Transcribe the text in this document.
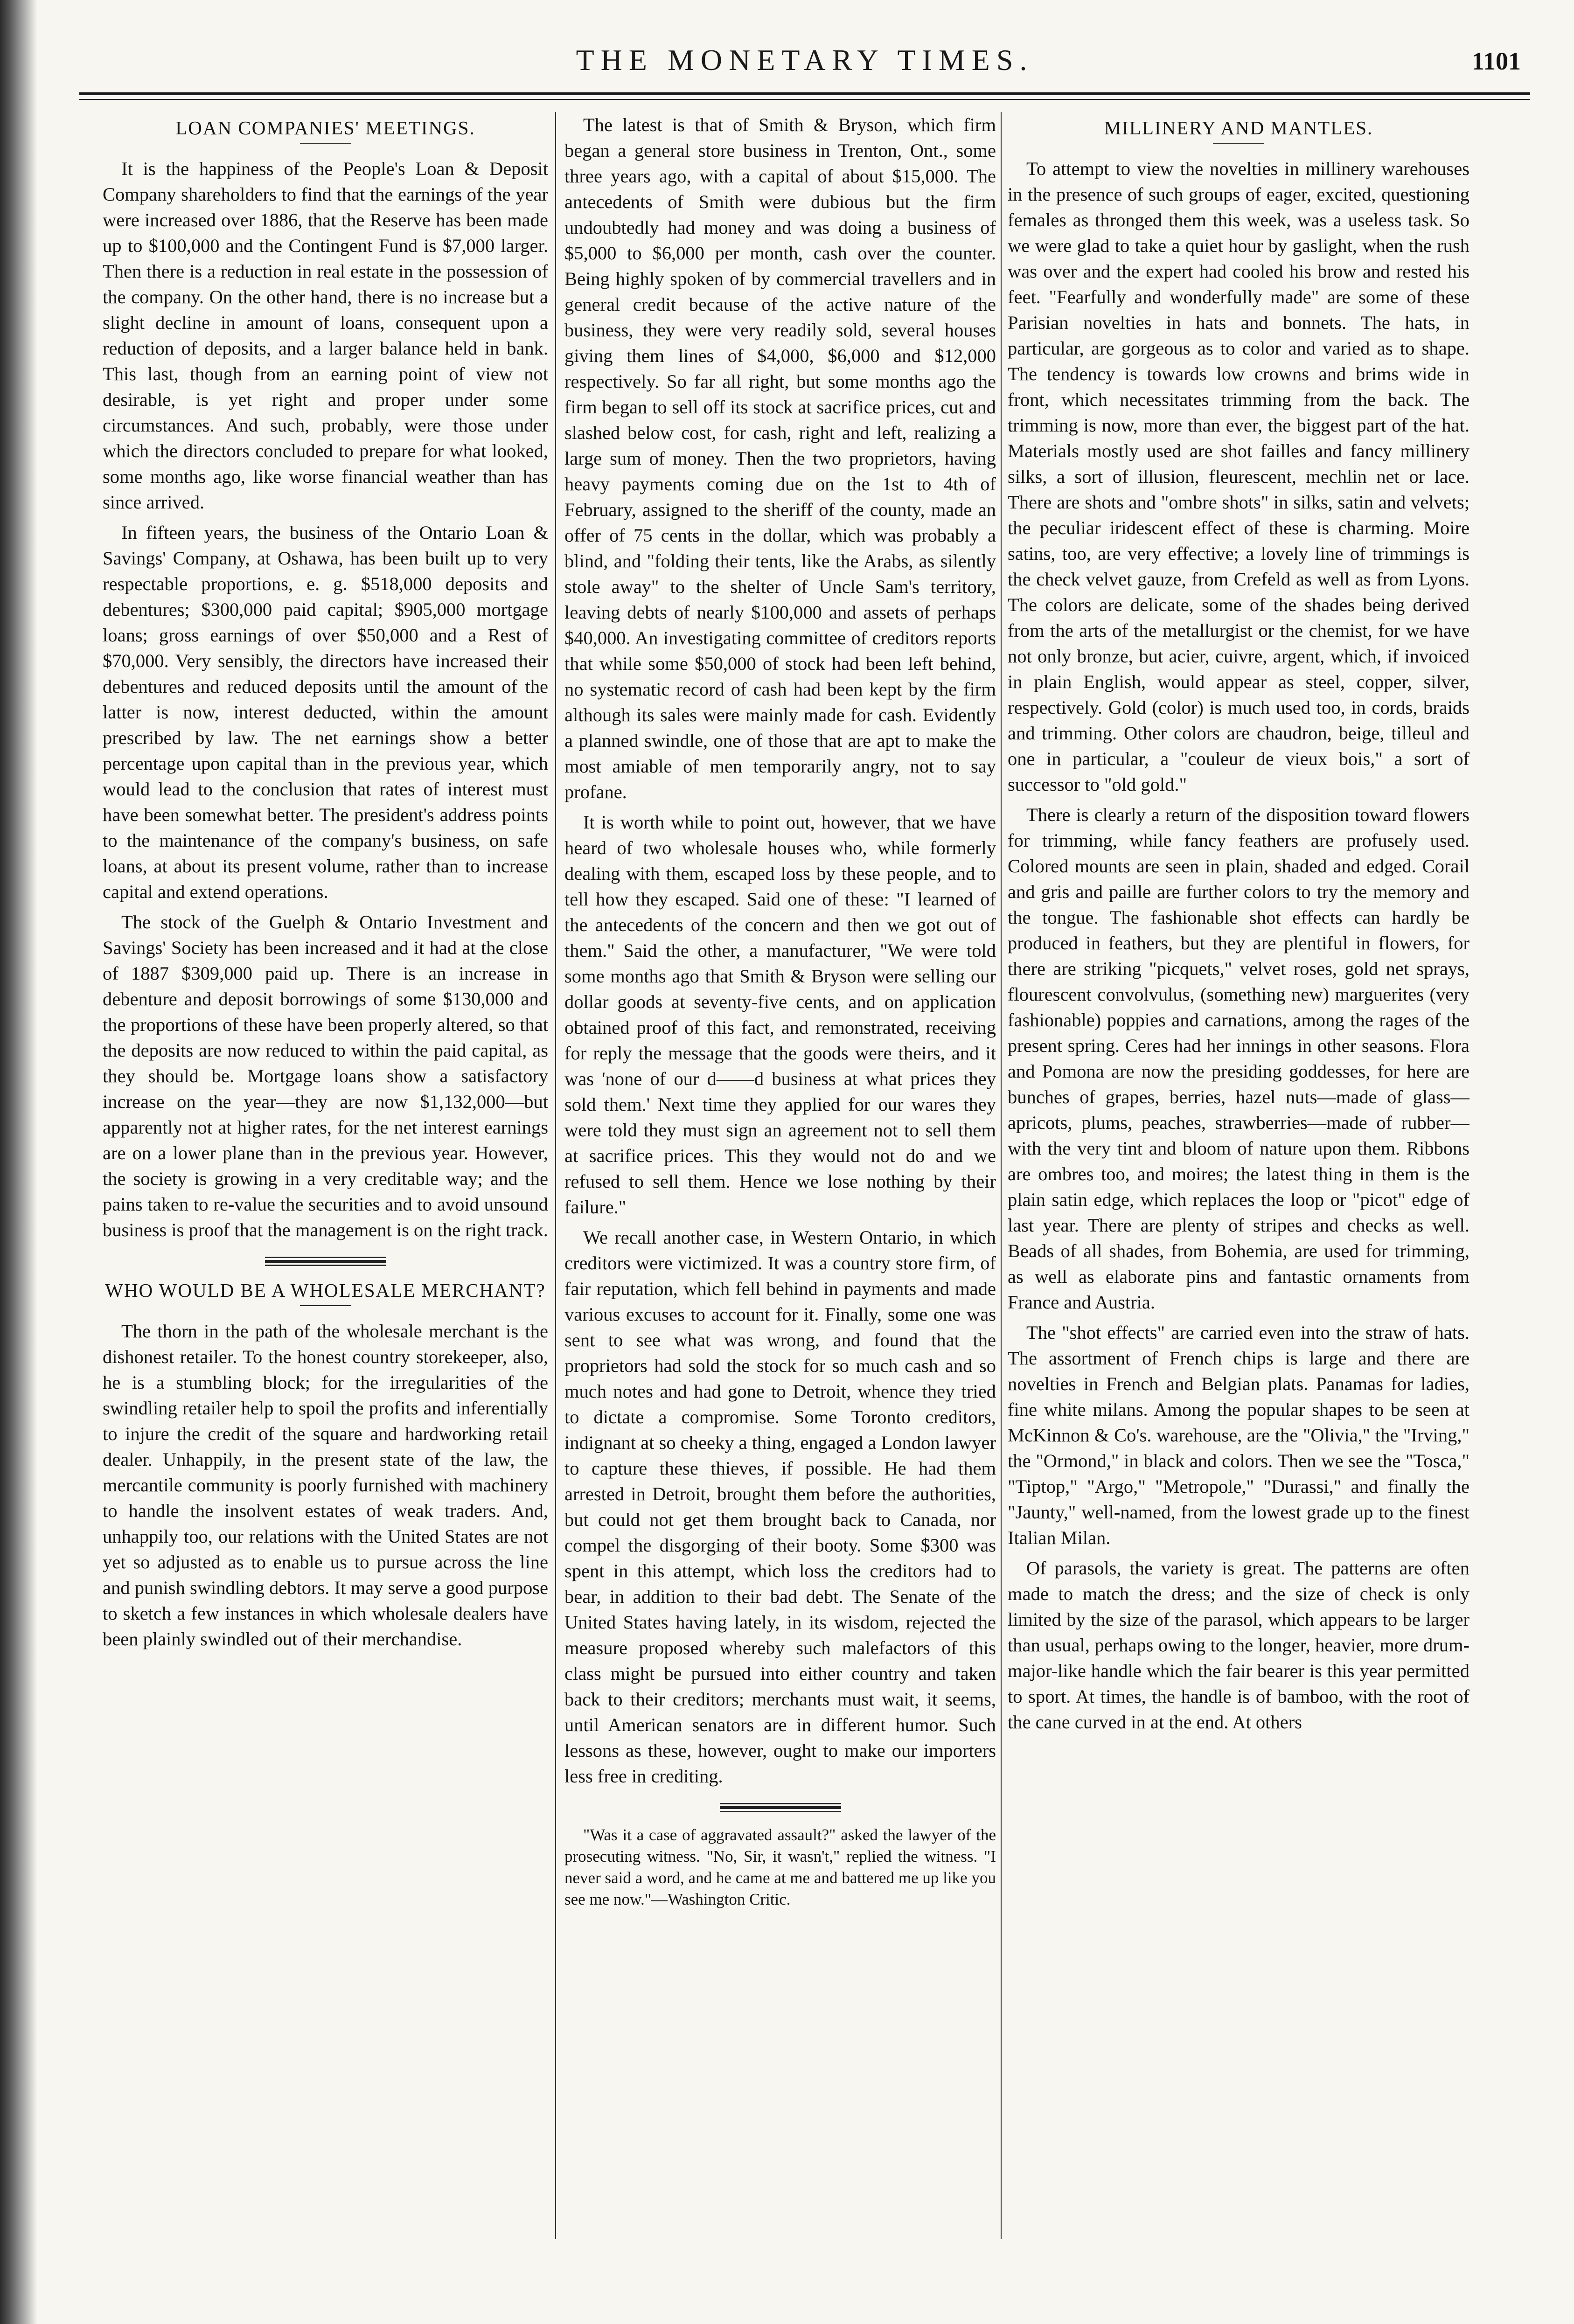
THE MONETARY TIMES.	1101
LOAN COMPANIES' MEETINGS.

It is the happiness of the People's Loan & Deposit Company shareholders to find that the earnings of the year were increased over 1886, that the Reserve has been made up to $100,000 and the Contingent Fund is $7,000 larger. Then there is a reduction in real estate in the possession of the company. On the other hand, there is no increase but a slight decline in amount of loans, consequent upon a reduction of deposits, and a larger balance held in bank. This last, though from an earning point of view not desirable, is yet right and proper under some circumstances. And such, probably, were those under which the directors concluded to prepare for what looked, some months ago, like worse financial weather than has since arrived.

In fifteen years, the business of the Ontario Loan & Savings' Company, at Oshawa, has been built up to very respectable proportions, e. g. $518,000 deposits and debentures; $300,000 paid capital; $905,000 mortgage loans; gross earnings of over $50,000 and a Rest of $70,000. Very sensibly, the directors have increased their debentures and reduced deposits until the amount of the latter is now, interest deducted, within the amount prescribed by law. The net earnings show a better percentage upon capital than in the previous year, which would lead to the conclusion that rates of interest must have been somewhat better. The president's address points to the maintenance of the company's business, on safe loans, at about its present volume, rather than to increase capital and extend operations.

The stock of the Guelph & Ontario Investment and Savings' Society has been increased and it had at the close of 1887 $309,000 paid up. There is an increase in debenture and deposit borrowings of some $130,000 and the proportions of these have been properly altered, so that the deposits are now reduced to within the paid capital, as they should be. Mortgage loans show a satisfactory increase on the year—they are now $1,132,000—but apparently not at higher rates, for the net interest earnings are on a lower plane than in the previous year. However, the society is growing in a very creditable way; and the pains taken to re-value the securities and to avoid unsound business is proof that the management is on the right track.

WHO WOULD BE A WHOLESALE MERCHANT?

The thorn in the path of the wholesale merchant is the dishonest retailer. To the honest country storekeeper, also, he is a stumbling block; for the irregularities of the swindling retailer help to spoil the profits and inferentially to injure the credit of the square and hardworking retail dealer. Unhappily, in the present state of the law, the mercantile community is poorly furnished with machinery to handle the insolvent estates of weak traders. And, unhappily too, our relations with the United States are not yet so adjusted as to enable us to pursue across the line and punish swindling debtors. It may serve a good purpose to sketch a few instances in which wholesale dealers have been plainly swindled out of their merchandise.

The latest is that of Smith & Bryson, which firm began a general store business in Trenton, Ont., some three years ago, with a capital of about $15,000. The antecedents of Smith were dubious but the firm undoubtedly had money and was doing a business of $5,000 to $6,000 per month, cash over the counter. Being highly spoken of by commercial travellers and in general credit because of the active nature of the business, they were very readily sold, several houses giving them lines of $4,000, $6,000 and $12,000 respectively. So far all right, but some months ago the firm began to sell off its stock at sacrifice prices, cut and slashed below cost, for cash, right and left, realizing a large sum of money. Then the two proprietors, having heavy payments coming due on the 1st to 4th of February, assigned to the sheriff of the county, made an offer of 75 cents in the dollar, which was probably a blind, and "folding their tents, like the Arabs, as silently stole away" to the shelter of Uncle Sam's territory, leaving debts of nearly $100,000 and assets of perhaps $40,000. An investigating committee of creditors reports that while some $50,000 of stock had been left behind, no systematic record of cash had been kept by the firm although its sales were mainly made for cash. Evidently a planned swindle, one of those that are apt to make the most amiable of men temporarily angry, not to say profane.

It is worth while to point out, however, that we have heard of two wholesale houses who, while formerly dealing with them, escaped loss by these people, and to tell how they escaped. Said one of these: "I learned of the antecedents of the concern and then we got out of them." Said the other, a manufacturer, "We were told some months ago that Smith & Bryson were selling our dollar goods at seventy-five cents, and on application obtained proof of this fact, and remonstrated, receiving for reply the message that the goods were theirs, and it was 'none of our d——d business at what prices they sold them.' Next time they applied for our wares they were told they must sign an agreement not to sell them at sacrifice prices. This they would not do and we refused to sell them. Hence we lose nothing by their failure."

We recall another case, in Western Ontario, in which creditors were victimized. It was a country store firm, of fair reputation, which fell behind in payments and made various excuses to account for it. Finally, some one was sent to see what was wrong, and found that the proprietors had sold the stock for so much cash and so much notes and had gone to Detroit, whence they tried to dictate a compromise. Some Toronto creditors, indignant at so cheeky a thing, engaged a London lawyer to capture these thieves, if possible. He had them arrested in Detroit, brought them before the authorities, but could not get them brought back to Canada, nor compel the disgorging of their booty. Some $300 was spent in this attempt, which loss the creditors had to bear, in addition to their bad debt. The Senate of the United States having lately, in its wisdom, rejected the measure proposed whereby such malefactors of this class might be pursued into either country and taken back to their creditors; merchants must wait, it seems, until American senators are in different humor. Such lessons as these, however, ought to make our importers less free in crediting.

"Was it a case of aggravated assault?" asked the lawyer of the prosecuting witness. "No, Sir, it wasn't," replied the witness. "I never said a word, and he came at me and battered me up like you see me now."—Washington Critic.

MILLINERY AND MANTLES.

To attempt to view the novelties in millinery warehouses in the presence of such groups of eager, excited, questioning females as thronged them this week, was a useless task. So we were glad to take a quiet hour by gaslight, when the rush was over and the expert had cooled his brow and rested his feet. "Fearfully and wonderfully made" are some of these Parisian novelties in hats and bonnets. The hats, in particular, are gorgeous as to color and varied as to shape. The tendency is towards low crowns and brims wide in front, which necessitates trimming from the back. The trimming is now, more than ever, the biggest part of the hat. Materials mostly used are shot failles and fancy millinery silks, a sort of illusion, fleurescent, mechlin net or lace. There are shots and "ombre shots" in silks, satin and velvets; the peculiar iridescent effect of these is charming. Moire satins, too, are very effective; a lovely line of trimmings is the check velvet gauze, from Crefeld as well as from Lyons. The colors are delicate, some of the shades being derived from the arts of the metallurgist or the chemist, for we have not only bronze, but acier, cuivre, argent, which, if invoiced in plain English, would appear as steel, copper, silver, respectively. Gold (color) is much used too, in cords, braids and trimming. Other colors are chaudron, beige, tilleul and one in particular, a "couleur de vieux bois," a sort of successor to "old gold."

There is clearly a return of the disposition toward flowers for trimming, while fancy feathers are profusely used. Colored mounts are seen in plain, shaded and edged. Corail and gris and paille are further colors to try the memory and the tongue. The fashionable shot effects can hardly be produced in feathers, but they are plentiful in flowers, for there are striking "picquets," velvet roses, gold net sprays, flourescent convolvulus, (something new) marguerites (very fashionable) poppies and carnations, among the rages of the present spring. Ceres had her innings in other seasons. Flora and Pomona are now the presiding goddesses, for here are bunches of grapes, berries, hazel nuts—made of glass—apricots, plums, peaches, strawberries—made of rubber—with the very tint and bloom of nature upon them. Ribbons are ombres too, and moires; the latest thing in them is the plain satin edge, which replaces the loop or "picot" edge of last year. There are plenty of stripes and checks as well. Beads of all shades, from Bohemia, are used for trimming, as well as elaborate pins and fantastic ornaments from France and Austria.

The "shot effects" are carried even into the straw of hats. The assortment of French chips is large and there are novelties in French and Belgian plats. Panamas for ladies, fine white milans. Among the popular shapes to be seen at McKinnon & Co's. warehouse, are the "Olivia," the "Irving," the "Ormond," in black and colors. Then we see the "Tosca," "Tiptop," "Argo," "Metropole," "Durassi," and finally the "Jaunty," well-named, from the lowest grade up to the finest Italian Milan.

Of parasols, the variety is great. The patterns are often made to match the dress; and the size of check is only limited by the size of the parasol, which appears to be larger than usual, perhaps owing to the longer, heavier, more drum-major-like handle which the fair bearer is this year permitted to sport. At times, the handle is of bamboo, with the root of the cane curved in at the end. At others
